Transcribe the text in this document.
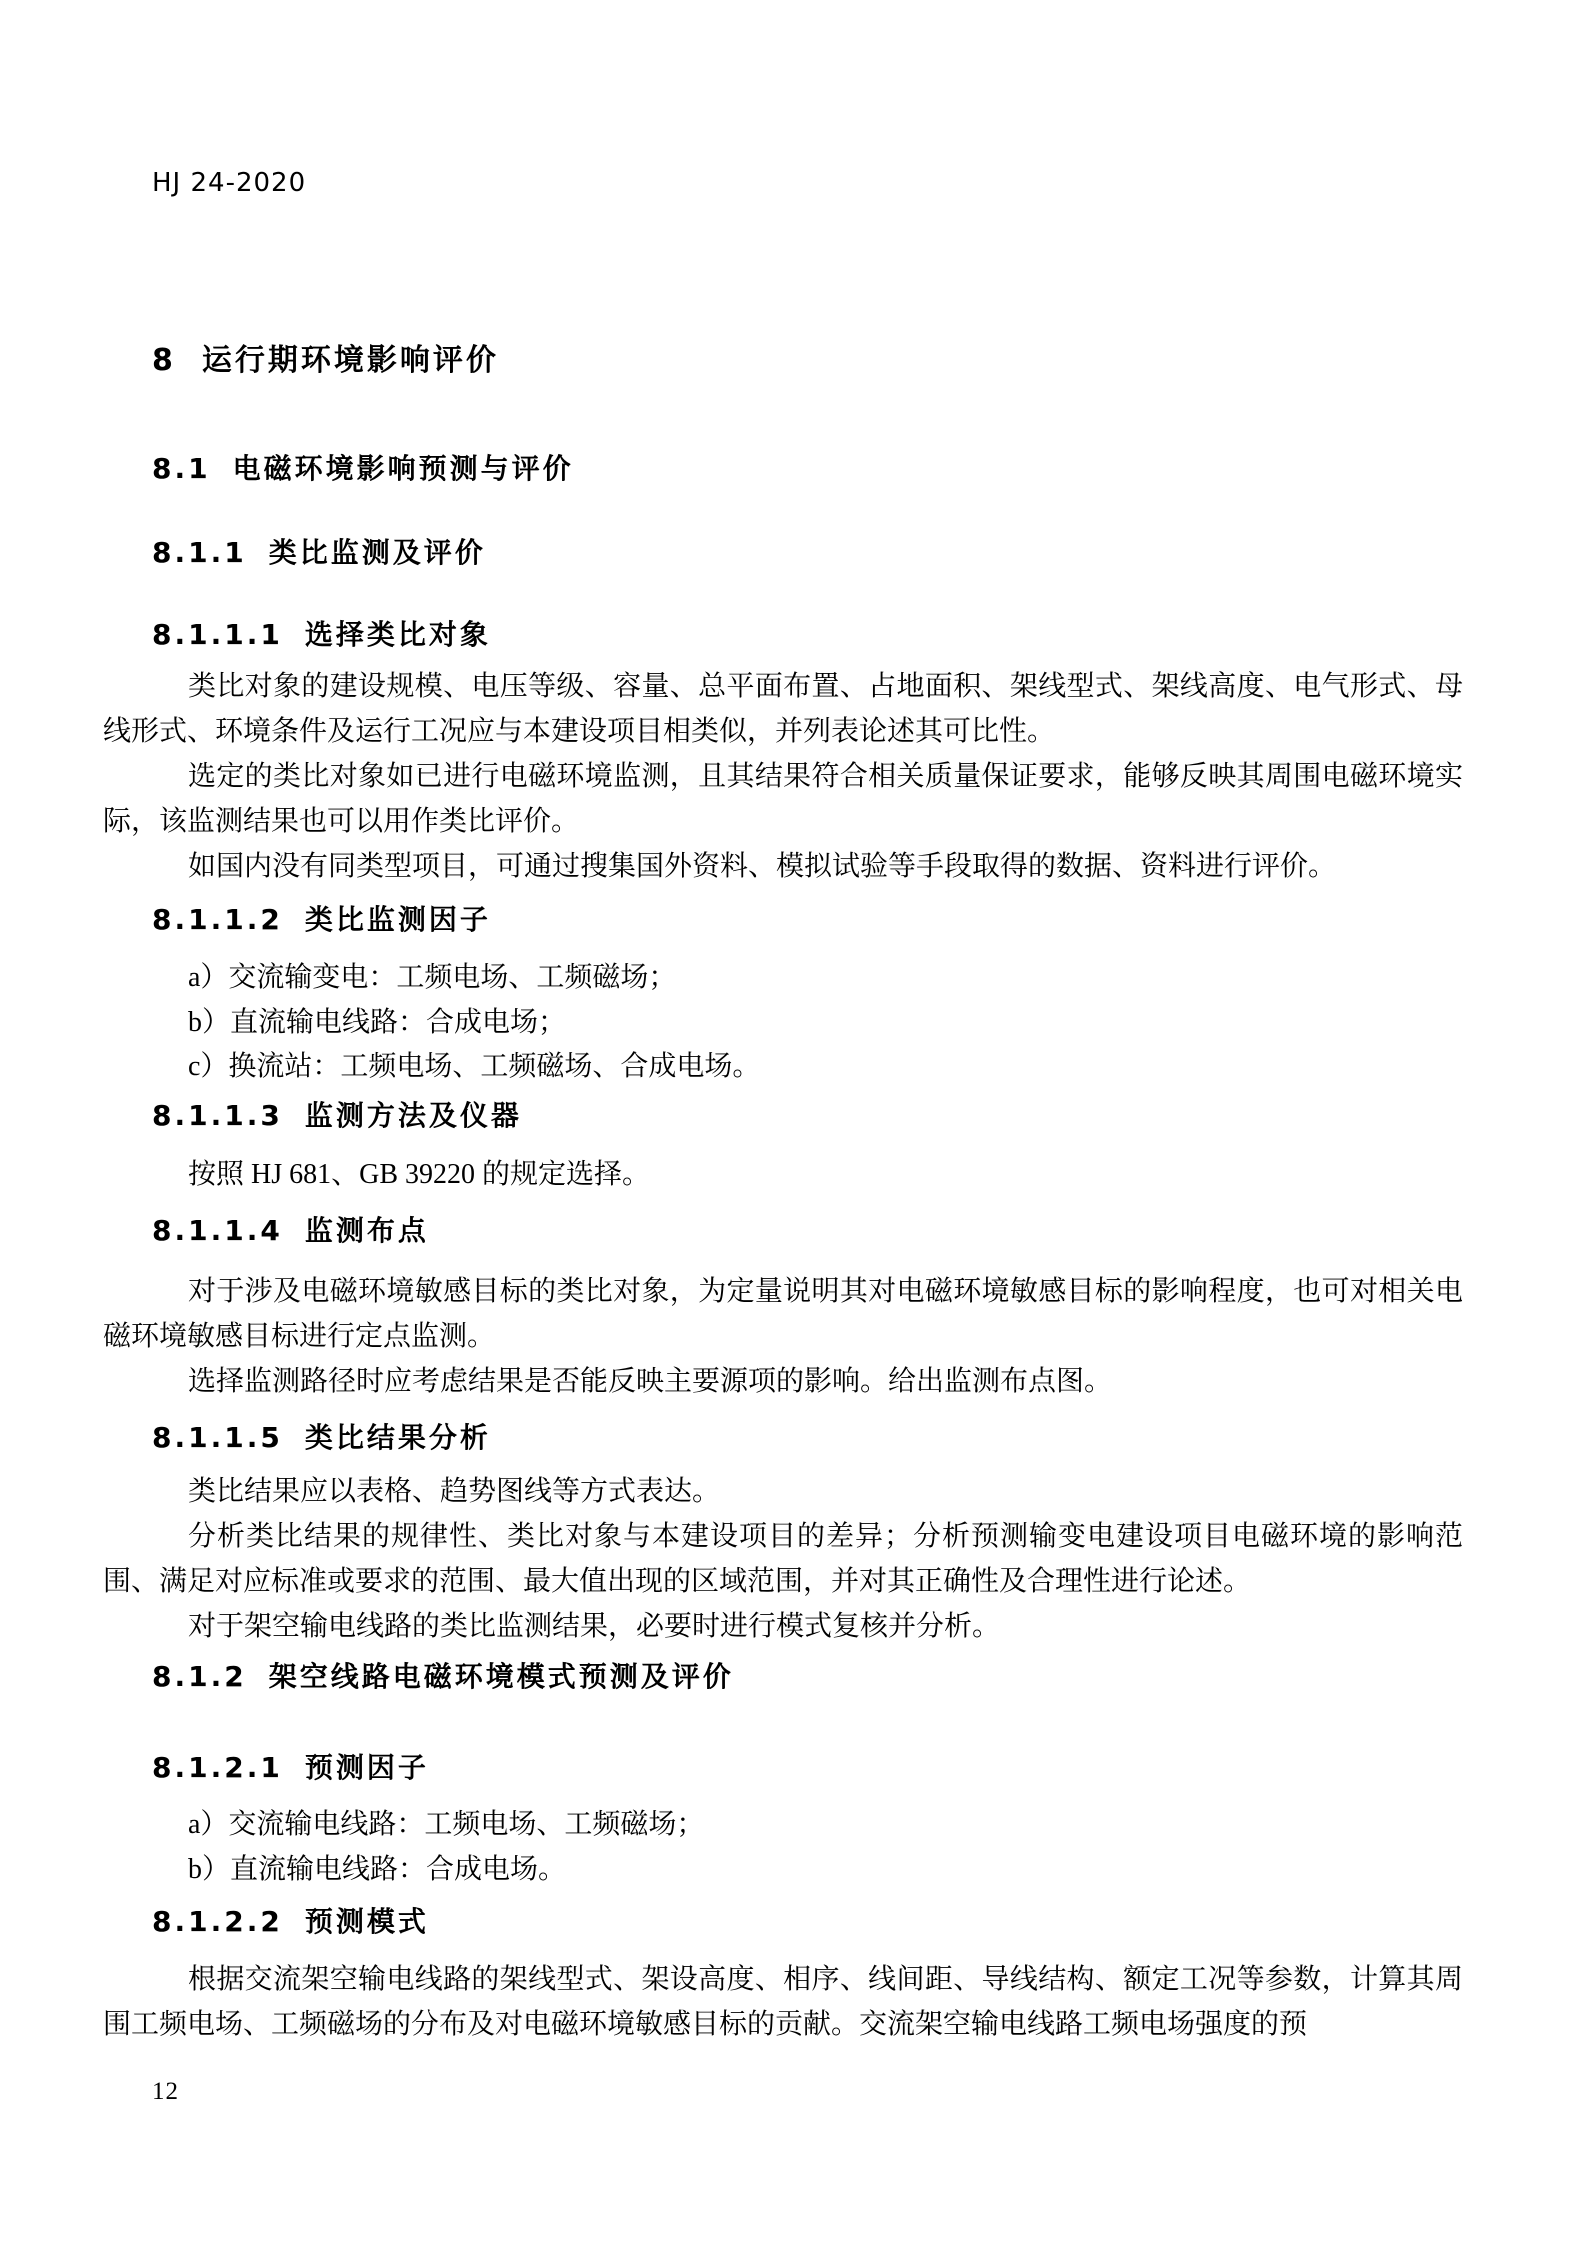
HJ 24-2020
8 运行期环境影响评价
8.1 电磁环境影响预测与评价
8.1.1 类比监测及评价
8.1.1.1 选择类比对象
类比对象的建设规模、电压等级、容量、总平面布置、占地面积、架线型式、架线高度、电气形式、母线形式、环境条件及运行工况应与本建设项目相类似，并列表论述其可比性。
选定的类比对象如已进行电磁环境监测，且其结果符合相关质量保证要求，能够反映其周围电磁环境实际，该监测结果也可以用作类比评价。
如国内没有同类型项目，可通过搜集国外资料、模拟试验等手段取得的数据、资料进行评价。
8.1.1.2 类比监测因子
a）交流输变电：工频电场、工频磁场；
b）直流输电线路：合成电场；
c）换流站：工频电场、工频磁场、合成电场。
8.1.1.3 监测方法及仪器
按照 HJ 681、GB 39220 的规定选择。
8.1.1.4 监测布点
对于涉及电磁环境敏感目标的类比对象，为定量说明其对电磁环境敏感目标的影响程度，也可对相关电磁环境敏感目标进行定点监测。
选择监测路径时应考虑结果是否能反映主要源项的影响。给出监测布点图。
8.1.1.5 类比结果分析
类比结果应以表格、趋势图线等方式表达。
分析类比结果的规律性、类比对象与本建设项目的差异；分析预测输变电建设项目电磁环境的影响范围、满足对应标准或要求的范围、最大值出现的区域范围，并对其正确性及合理性进行论述。
对于架空输电线路的类比监测结果，必要时进行模式复核并分析。
8.1.2 架空线路电磁环境模式预测及评价
8.1.2.1 预测因子
a）交流输电线路：工频电场、工频磁场；
b）直流输电线路：合成电场。
8.1.2.2 预测模式
根据交流架空输电线路的架线型式、架设高度、相序、线间距、导线结构、额定工况等参数，计算其周围工频电场、工频磁场的分布及对电磁环境敏感目标的贡献。交流架空输电线路工频电场强度的预
12
